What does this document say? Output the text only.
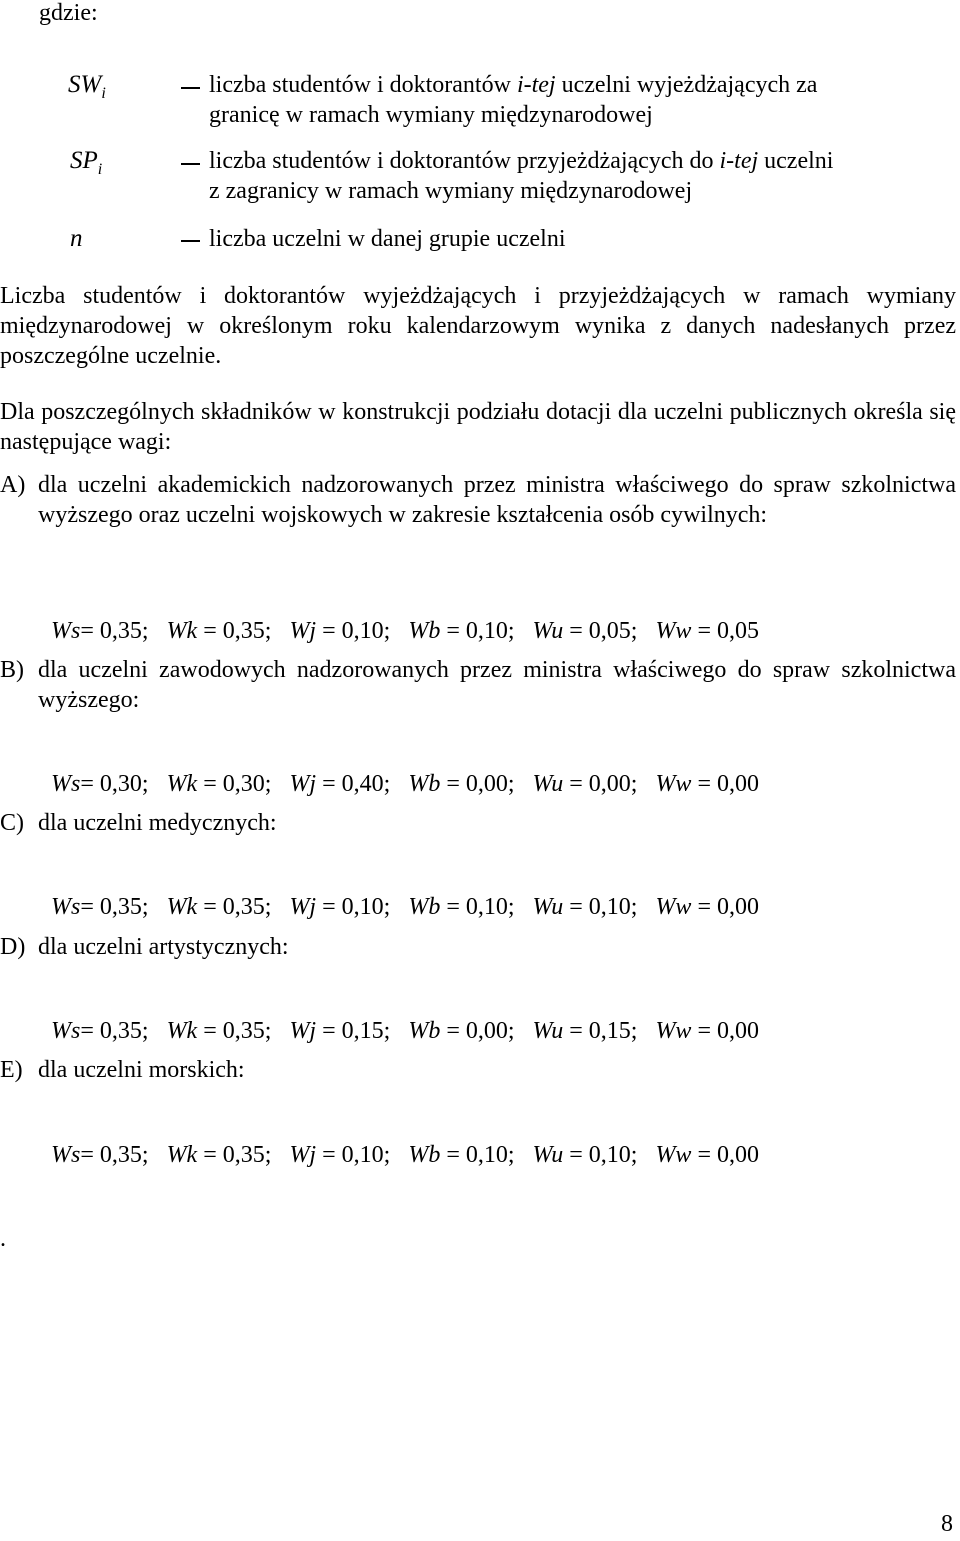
gdzie:
$SW_i$	liczba studentów i doktorantów i-tej uczelni wyjeżdżających za
granicę w ramach wymiany międzynarodowej
$SP_i$	liczba studentów i doktorantów przyjeżdżających do i-tej uczelni
z zagranicy w ramach wymiany międzynarodowej
n	liczba uczelni w danej grupie uczelni
Liczba studentów i doktorantów wyjeżdżających i przyjeżdżających w ramach wymiany międzynarodowej w określonym roku kalendarzowym wynika z danych nadesłanych przez poszczególne uczelnie.
Dla poszczególnych składników w konstrukcji podziału dotacji dla uczelni publicznych określa się następujące wagi:
A) dla uczelni akademickich nadzorowanych przez ministra właściwego do spraw szkolnictwa wyższego oraz uczelni wojskowych w zakresie kształcenia osób cywilnych:

Ws= 0,35; Wk = 0,35; Wj = 0,10; Wb = 0,10; Wu = 0,05; Ww = 0,05

B) dla uczelni zawodowych nadzorowanych przez ministra właściwego do spraw szkolnictwa wyższego:

Ws= 0,30; Wk = 0,30; Wj = 0,40; Wb = 0,00; Wu = 0,00; Ww = 0,00

C) dla uczelni medycznych:

Ws= 0,35; Wk = 0,35; Wj = 0,10; Wb = 0,10; Wu = 0,10; Ww = 0,00

D) dla uczelni artystycznych:

Ws= 0,35; Wk = 0,35; Wj = 0,15; Wb = 0,00; Wu = 0,15; Ww = 0,00

E) dla uczelni morskich:

Ws= 0,35; Wk = 0,35; Wj = 0,10; Wb = 0,10; Wu = 0,10; Ww = 0,00

.
8
